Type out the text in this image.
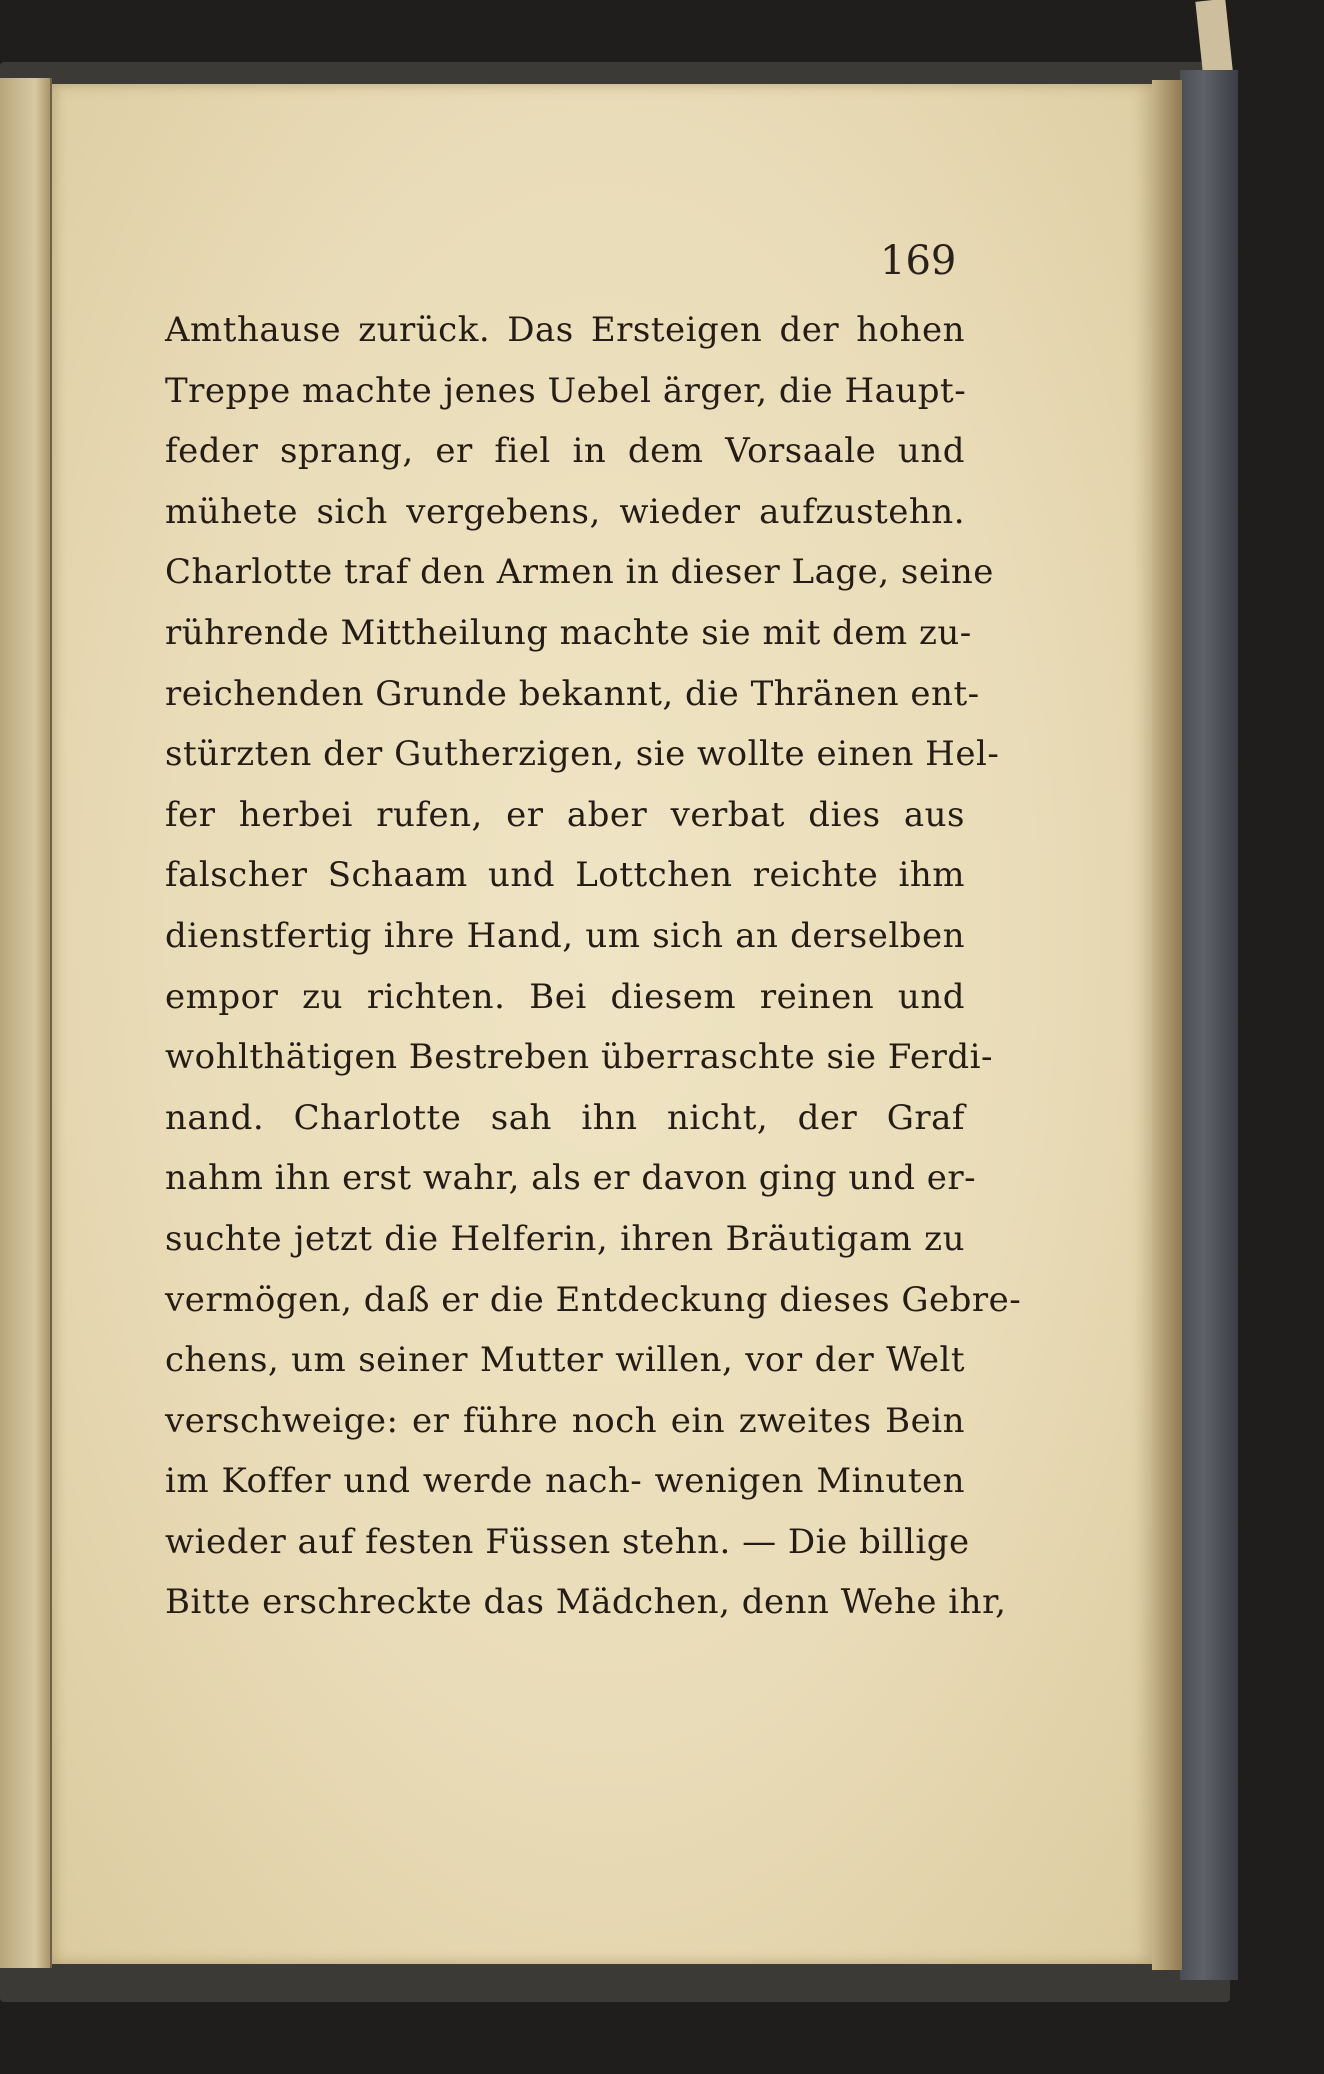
169
Amthause zurück. Das Ersteigen der hohen
Treppe machte jenes Uebel ärger, die Haupt-
feder sprang, er fiel in dem Vorsaale und
mühete sich vergebens, wieder aufzustehn.
Charlotte traf den Armen in dieser Lage, seine
rührende Mittheilung machte sie mit dem zu-
reichenden Grunde bekannt, die Thränen ent-
stürzten der Gutherzigen, sie wollte einen Hel-
fer herbei rufen, er aber verbat dies aus
falscher Schaam und Lottchen reichte ihm
dienstfertig ihre Hand, um sich an derselben
empor zu richten. Bei diesem reinen und
wohlthätigen Bestreben überraschte sie Ferdi-
nand. Charlotte sah ihn nicht, der Graf
nahm ihn erst wahr, als er davon ging und er-
suchte jetzt die Helferin, ihren Bräutigam zu
vermögen, daß er die Entdeckung dieses Gebre-
chens, um seiner Mutter willen, vor der Welt
verschweige: er führe noch ein zweites Bein
im Koffer und werde nach- wenigen Minuten
wieder auf festen Füssen stehn. — Die billige
Bitte erschreckte das Mädchen, denn Wehe ihr,
